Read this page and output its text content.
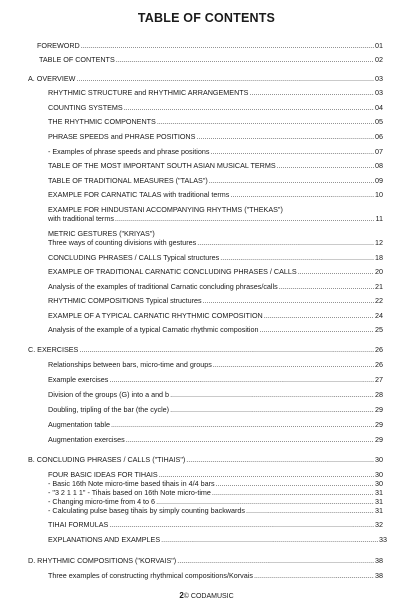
TABLE OF CONTENTS
FOREWORD .....	01
TABLE OF CONTENTS .....	02
A. OVERVIEW .....	03
RHYTHMIC STRUCTURE and RHYTHMIC ARRANGEMENTS .....	03
COUNTING SYSTEMS .....	04
THE RHYTHMIC COMPONENTS .....	05
PHRASE SPEEDS and PHRASE POSITIONS .....	06
- Examples of phrase speeds and phrase positions .....	07
TABLE OF THE MOST IMPORTANT SOUTH ASIAN MUSICAL TERMS .....	08
TABLE OF TRADITIONAL MEASURES ("TALAS") .....	09
EXAMPLE FOR CARNATIC TALAS with traditional terms .....	10
EXAMPLE FOR HINDUSTANI ACCOMPANYING RHYTHMS ("THEKAS")
with traditional terms .....	11
METRIC GESTURES ("KRIYAS")
Three ways of counting divisions with gestures .....	12
CONCLUDING PHRASES / CALLS Typical structures .....	18
EXAMPLE OF TRADITIONAL CARNATIC CONCLUDING PHRASES / CALLS .....	20
Analysis of the examples of traditional Carnatic concluding phrases/calls .....	21
RHYTHMIC COMPOSITIONS Typical structures .....	22
EXAMPLE OF A TYPICAL CARNATIC RHYTHMIC COMPOSITION .....	24
Analysis of the example of a typical Carnatic rhythmic composition .....	25
C. EXERCISES .....	26
Relationships between bars, micro-time and groups .....	26
Example exercises .....	27
Division of the groups (G) into a and b .....	28
Doubling, tripling of the bar (the cycle) .....	29
Augmentation table .....	29
Augmentation exercises .....	29
B. CONCLUDING PHRASES / CALLS ("TIHAIS") .....	30
FOUR BASIC IDEAS FOR TIHAIS .....	30
- Basic 16th Note micro-time based tihais in 4/4 bars .....	30
- "3 2 1 1 1" - Tihais based on 16th Note micro-time .....	31
- Changing micro-time from 4 to 6 .....	31
- Calculating pulse baseg tihais by simply counting backwards .....	31
TIHAI FORMULAS .....	32
EXPLANATIONS AND EXAMPLES .....	33
D. RHYTHMIC COMPOSITIONS ("KORVAIS") .....	38
Three examples of constructing rhythmical compositions/Korvais .....	38
2© CODAMUSIC
